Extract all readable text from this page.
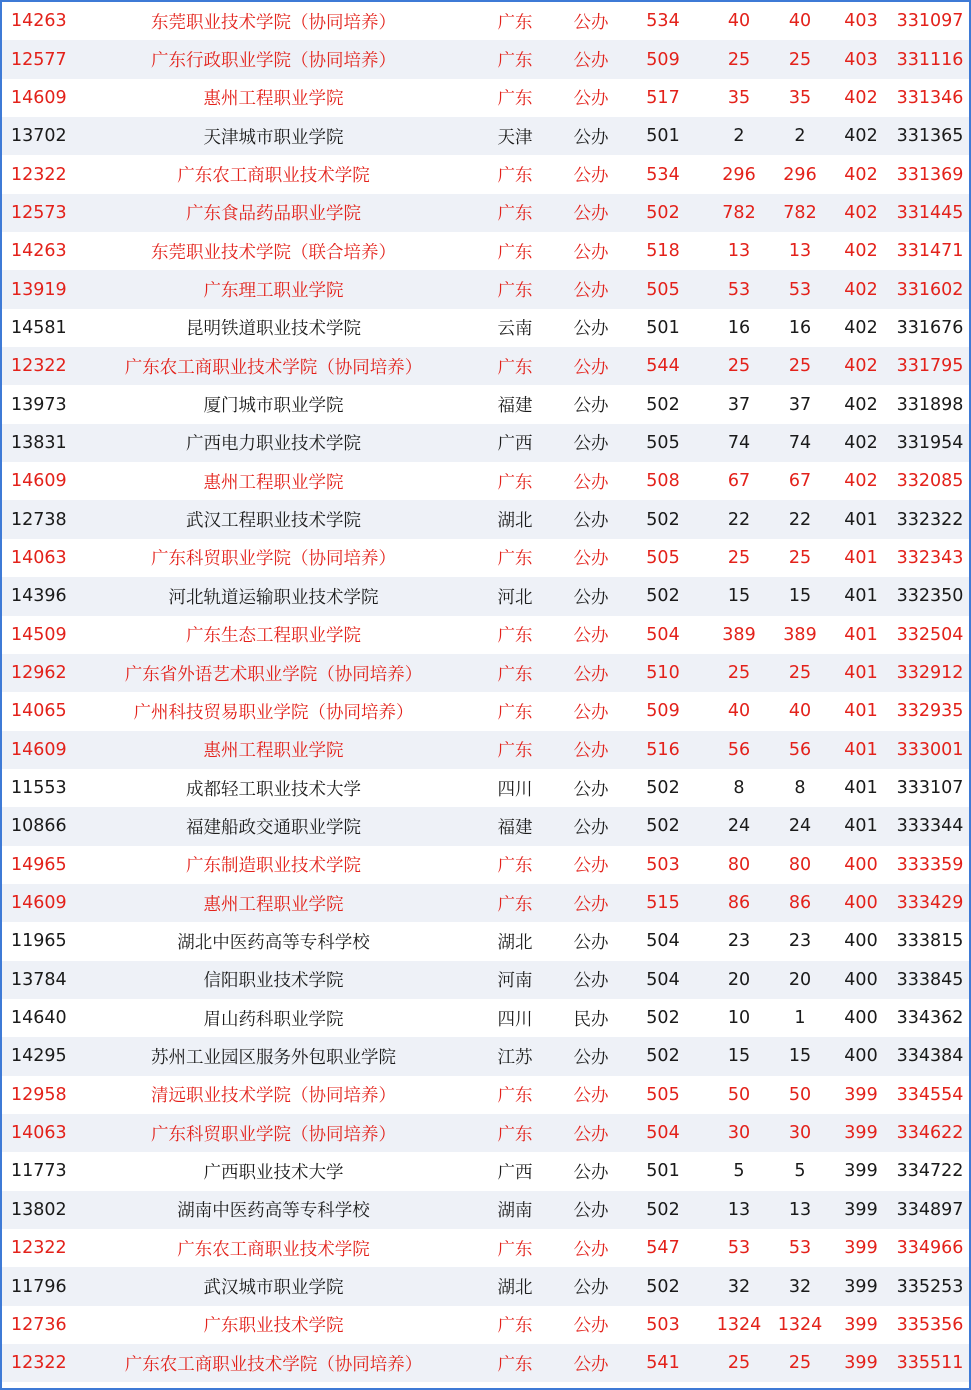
14263	东莞职业技术学院（协同培养）	广东	公办	534	40	40	403	331097
12577	广东行政职业学院（协同培养）	广东	公办	509	25	25	403	331116
14609	惠州工程职业学院	广东	公办	517	35	35	402	331346
13702	天津城市职业学院	天津	公办	501	2	2	402	331365
12322	广东农工商职业技术学院	广东	公办	534	296	296	402	331369
12573	广东食品药品职业学院	广东	公办	502	782	782	402	331445
14263	东莞职业技术学院（联合培养）	广东	公办	518	13	13	402	331471
13919	广东理工职业学院	广东	公办	505	53	53	402	331602
14581	昆明铁道职业技术学院	云南	公办	501	16	16	402	331676
12322	广东农工商职业技术学院（协同培养）	广东	公办	544	25	25	402	331795
13973	厦门城市职业学院	福建	公办	502	37	37	402	331898
13831	广西电力职业技术学院	广西	公办	505	74	74	402	331954
14609	惠州工程职业学院	广东	公办	508	67	67	402	332085
12738	武汉工程职业技术学院	湖北	公办	502	22	22	401	332322
14063	广东科贸职业学院（协同培养）	广东	公办	505	25	25	401	332343
14396	河北轨道运输职业技术学院	河北	公办	502	15	15	401	332350
14509	广东生态工程职业学院	广东	公办	504	389	389	401	332504
12962	广东省外语艺术职业学院（协同培养）	广东	公办	510	25	25	401	332912
14065	广州科技贸易职业学院（协同培养）	广东	公办	509	40	40	401	332935
14609	惠州工程职业学院	广东	公办	516	56	56	401	333001
11553	成都轻工职业技术大学	四川	公办	502	8	8	401	333107
10866	福建船政交通职业学院	福建	公办	502	24	24	401	333344
14965	广东制造职业技术学院	广东	公办	503	80	80	400	333359
14609	惠州工程职业学院	广东	公办	515	86	86	400	333429
11965	湖北中医药高等专科学校	湖北	公办	504	23	23	400	333815
13784	信阳职业技术学院	河南	公办	504	20	20	400	333845
14640	眉山药科职业学院	四川	民办	502	10	1	400	334362
14295	苏州工业园区服务外包职业学院	江苏	公办	502	15	15	400	334384
12958	清远职业技术学院（协同培养）	广东	公办	505	50	50	399	334554
14063	广东科贸职业学院（协同培养）	广东	公办	504	30	30	399	334622
11773	广西职业技术大学	广西	公办	501	5	5	399	334722
13802	湖南中医药高等专科学校	湖南	公办	502	13	13	399	334897
12322	广东农工商职业技术学院	广东	公办	547	53	53	399	334966
11796	武汉城市职业学院	湖北	公办	502	32	32	399	335253
12736	广东职业技术学院	广东	公办	503	1324	1324	399	335356
12322	广东农工商职业技术学院（协同培养）	广东	公办	541	25	25	399	335511
